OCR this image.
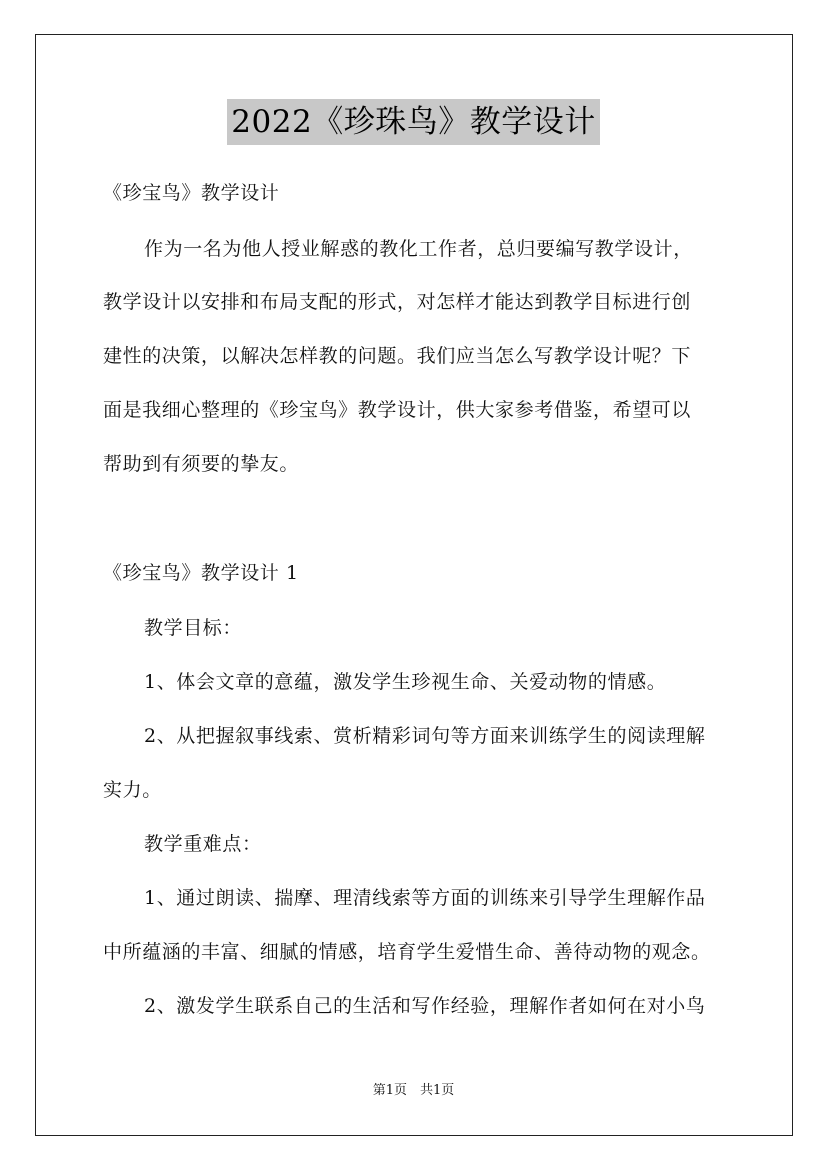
2022《珍珠鸟》教学设计
《珍宝鸟》教学设计
作为一名为他人授业解惑的教化工作者，总归要编写教学设计，
教学设计以安排和布局支配的形式，对怎样才能达到教学目标进行创
建性的决策，以解决怎样教的问题。我们应当怎么写教学设计呢？下
面是我细心整理的《珍宝鸟》教学设计，供大家参考借鉴，希望可以
帮助到有须要的挚友。
《珍宝鸟》教学设计 1
教学目标：
1、体会文章的意蕴，激发学生珍视生命、关爱动物的情感。
2、从把握叙事线索、赏析精彩词句等方面来训练学生的阅读理解
实力。
教学重难点：
1、通过朗读、揣摩、理清线索等方面的训练来引导学生理解作品
中所蕴涵的丰富、细腻的情感，培育学生爱惜生命、善待动物的观念。
2、激发学生联系自己的生活和写作经验，理解作者如何在对小鸟
第1页　共1页
